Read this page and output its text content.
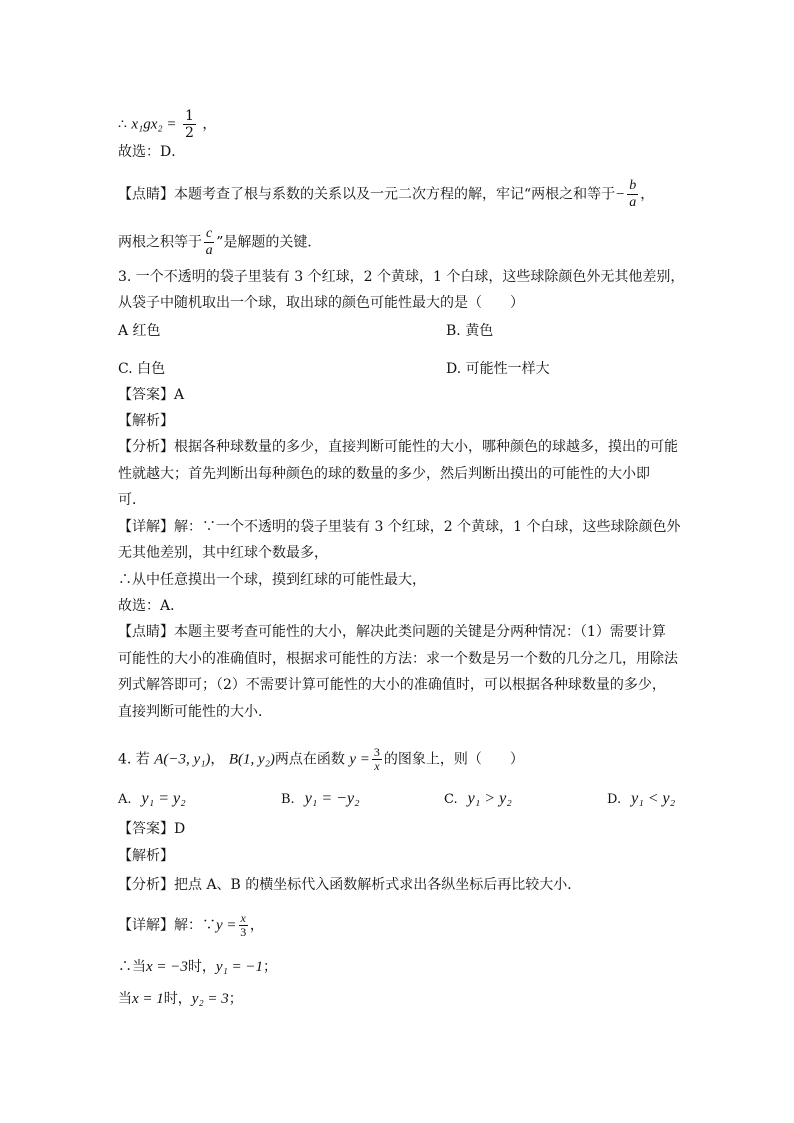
∴ $x_1gx_2 = \frac{1}{2}$ ，
故选：D．
【点睛】本题考查了根与系数的关系以及一元二次方程的解，牢记“两根之和等于− $\frac{b}{a}$ ，
两根之积等于 $\frac{c}{a}$ ”是解题的关键．
3. 一个不透明的袋子里装有 3 个红球，2 个黄球，1 个白球，这些球除颜色外无其他差别，
从袋子中随机取出一个球，取出球的颜色可能性最大的是（　　）
A 红色	B. 黄色
C. 白色	D. 可能性一样大
【答案】A
【解析】
【分析】根据各种球数量的多少，直接判断可能性的大小，哪种颜色的球越多，摸出的可能
性就越大；首先判断出每种颜色的球的数量的多少，然后判断出摸出的可能性的大小即
可．
【详解】解：∵一个不透明的袋子里装有 3 个红球，2 个黄球，1 个白球，这些球除颜色外
无其他差别，其中红球个数最多，
∴从中任意摸出一个球，摸到红球的可能性最大，
故选：A．
【点睛】本题主要考查可能性的大小，解决此类问题的关键是分两种情况：（1）需要计算
可能性的大小的准确值时，根据求可能性的方法：求一个数是另一个数的几分之几，用除法
列式解答即可；（2）不需要计算可能性的大小的准确值时，可以根据各种球数量的多少，
直接判断可能性的大小．
4. 若 A(−3, y₁)， B(1, y₂)两点在函数 $y = \frac{3}{x}$ 的图象上，则（　　）
A. y₁ = y₂	B. y₁ = −y₂	C. y₁ > y₂	D. y₁ < y₂
【答案】D
【解析】
【分析】把点 A、B 的横坐标代入函数解析式求出各纵坐标后再比较大小．
【详解】解：∵y = $\frac{x}{3}$ ，
∴当x = −3时，y₁ = −1；
当x = 1时，y₂ = 3；
